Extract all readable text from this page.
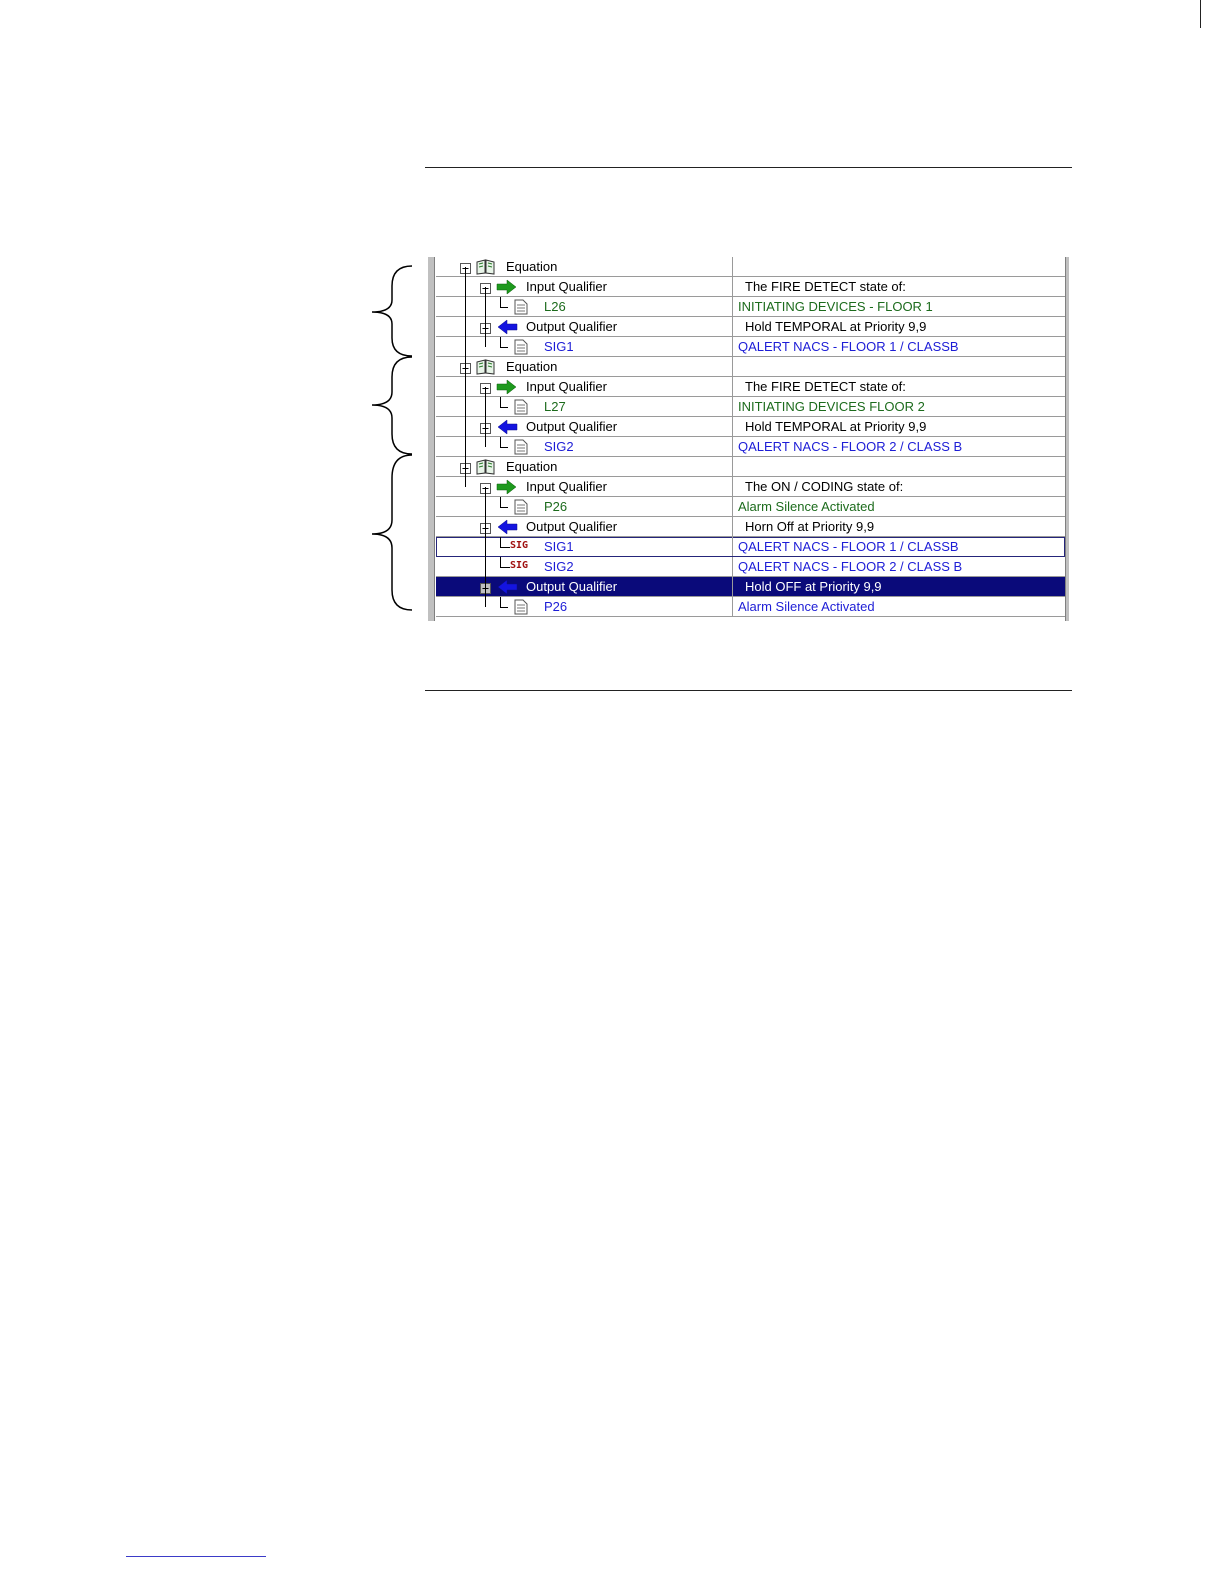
Equation
Input Qualifier	The FIRE DETECT state of:
L26	INITIATING DEVICES - FLOOR 1
Output Qualifier	Hold TEMPORAL at Priority 9,9
SIG1	QALERT NACS - FLOOR 1 / CLASSB
Equation
Input Qualifier	The FIRE DETECT state of:
L27	INITIATING DEVICES FLOOR 2
Output Qualifier	Hold TEMPORAL at Priority 9,9
SIG2	QALERT NACS - FLOOR 2 / CLASS B
Equation
Input Qualifier	The ON / CODING state of:
P26	Alarm Silence Activated
Output Qualifier	Horn Off at Priority 9,9
SIG SIG1	QALERT NACS - FLOOR 1 / CLASSB
SIG SIG2	QALERT NACS - FLOOR 2 / CLASS B
Output Qualifier	Hold OFF at Priority 9,9
P26	Alarm Silence Activated
